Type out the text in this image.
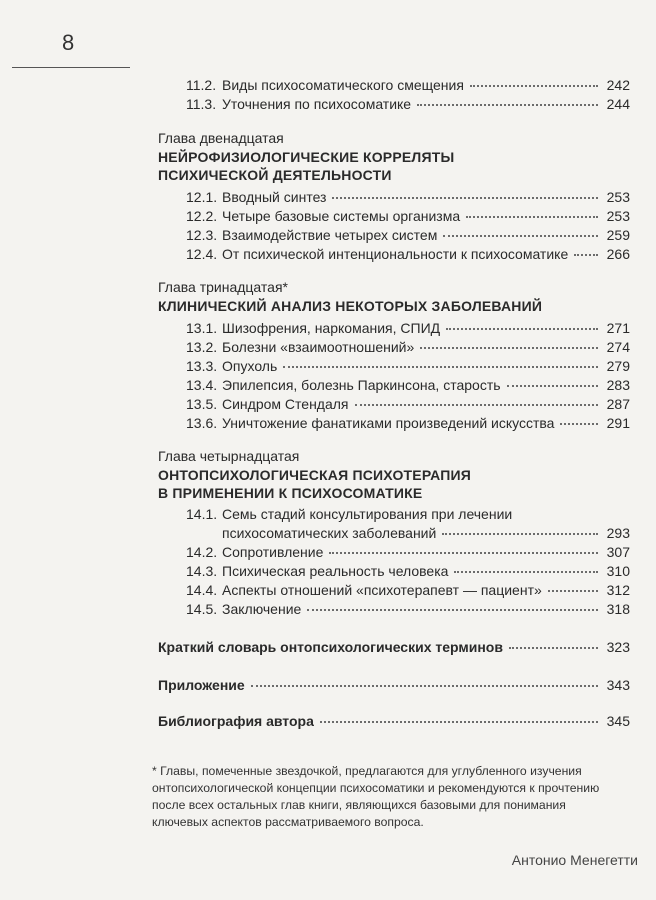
8
11.2. Виды психосоматического смещения	242
11.3. Уточнения по психосоматике	244
Глава двенадцатая
НЕЙРОФИЗИОЛОГИЧЕСКИЕ КОРРЕЛЯТЫ
ПСИХИЧЕСКОЙ ДЕЯТЕЛЬНОСТИ
12.1. Вводный синтез	253
12.2. Четыре базовые системы организма	253
12.3. Взаимодействие четырех систем	259
12.4. От психической интенциональности к психосоматике	266
Глава тринадцатая*
КЛИНИЧЕСКИЙ АНАЛИЗ НЕКОТОРЫХ ЗАБОЛЕВАНИЙ
13.1. Шизофрения, наркомания, СПИД	271
13.2. Болезни «взаимоотношений»	274
13.3. Опухоль	279
13.4. Эпилепсия, болезнь Паркинсона, старость	283
13.5. Синдром Стендаля	287
13.6. Уничтожение фанатиками произведений искусства	291
Глава четырнадцатая
ОНТОПСИХОЛОГИЧЕСКАЯ ПСИХОТЕРАПИЯ
В ПРИМЕНЕНИИ К ПСИХОСОМАТИКЕ
14.1. Семь стадий консультирования при лечении
психосоматических заболеваний	293
14.2. Сопротивление	307
14.3. Психическая реальность человека	310
14.4. Аспекты отношений «психотерапевт — пациент»	312
14.5. Заключение	318
Краткий словарь онтопсихологических терминов	323
Приложение	343
Библиография автора	345
* Главы, помеченные звездочкой, предлагаются для углубленного изучения онтопсихологической концепции психосоматики и рекомендуются к прочтению после всех остальных глав книги, являющихся базовыми для понимания ключевых аспектов рассматриваемого вопроса.
Антонио Менегетти
